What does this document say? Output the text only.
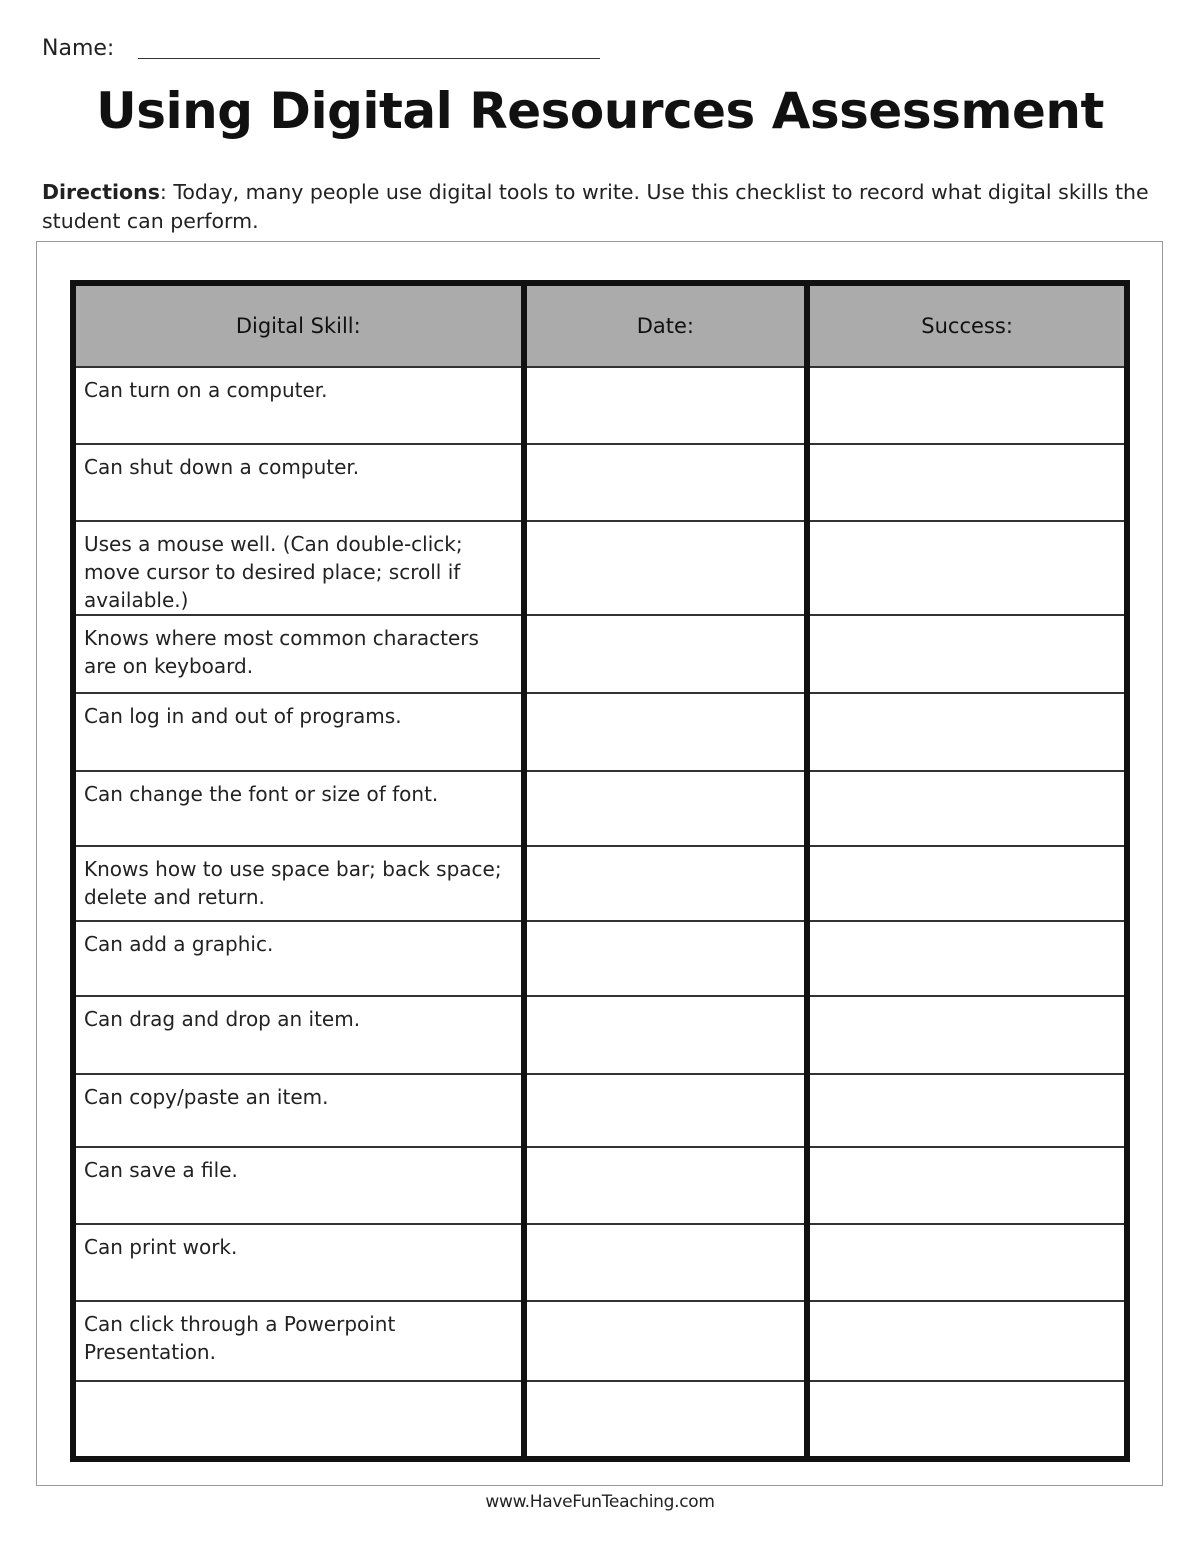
Name:
Using Digital Resources Assessment
Directions: Today, many people use digital tools to write. Use this checklist to record what digital skills the student can perform.
Digital Skill:	Date:	Success:
Can turn on a computer.		
Can shut down a computer.		
Uses a mouse well. (Can double-click; move cursor to desired place; scroll if available.)		
Knows where most common characters are on keyboard.		
Can log in and out of programs.		
Can change the font or size of font.		
Knows how to use space bar; back space; delete and return.		
Can add a graphic.		
Can drag and drop an item.		
Can copy/paste an item.		
Can save a file.		
Can print work.		
Can click through a Powerpoint Presentation.		

www.HaveFunTeaching.com
